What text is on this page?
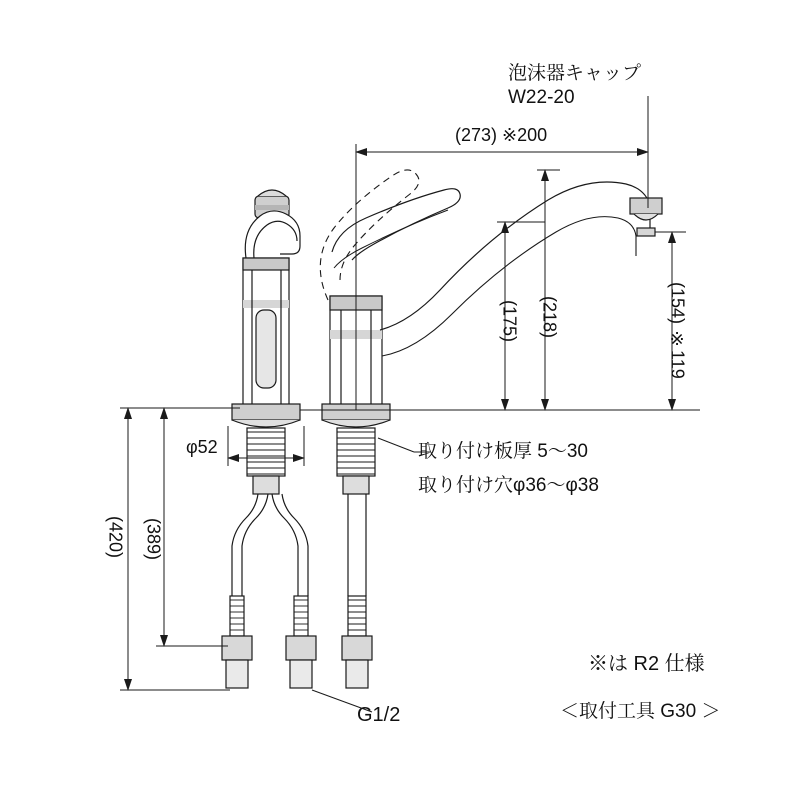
泡沫器キャップ
W22-20
(273) ※200
(175) (218)	(154) ※119
φ52	取り付け板厚 5〜30
取り付け穴φ36〜φ38
(420) (389)
G1/2
※は R2 仕様
＜取付工具 G30 ＞
